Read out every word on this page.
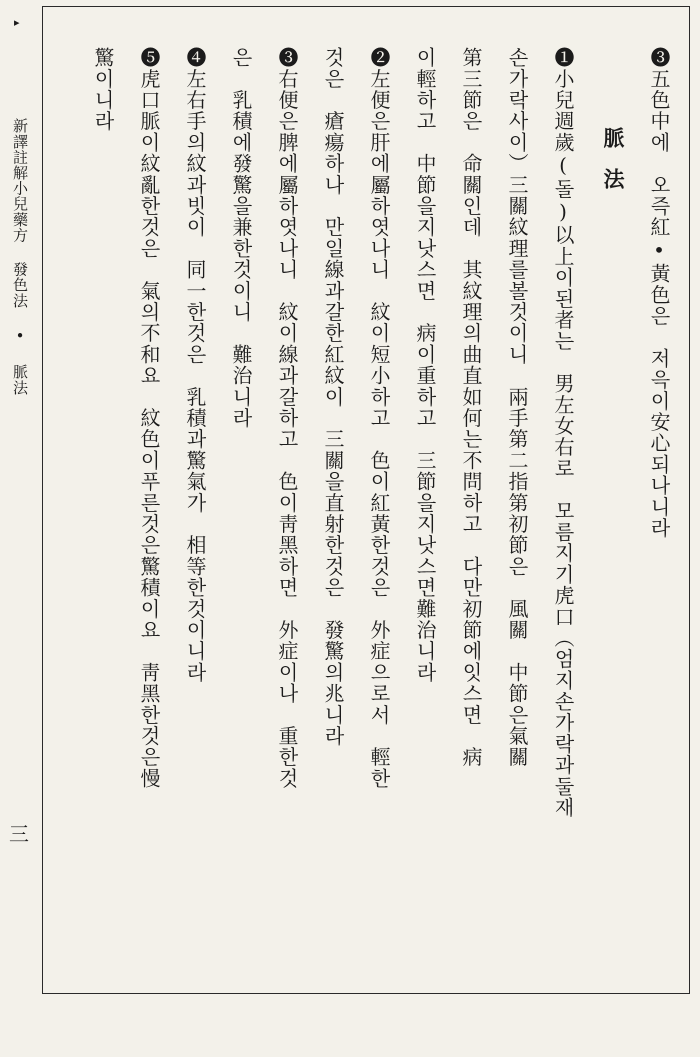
▸
新譯註解小兒藥方 發色法 • 脈法
三
❸五色中에　오즉紅•黃色은　저윽이安心되나니라
脈法
❶小兒週歲(돌)以上이된者는　男左女右로　모름지기虎口（엄지손가락과둘재
손가락사이）三關紋理를볼것이니　兩手第二指第初節은　風關　中節은氣關
第三節은　命關인데　其紋理의曲直如何는不問하고　다만初節에잇스면　病
이輕하고　中節을지낫스면　病이重하고　三節을지낫스면難治니라
❷左便은肝에屬하엿나니　紋이短小하고　色이紅黃한것은　外症으로서　輕한
것은　瘡瘍하나　만일線과갈한紅紋이　三關을直射한것은　發驚의兆니라
❸右便은脾에屬하엿나니　紋이線과갈하고　色이靑黑하면　外症이나　重한것
은　乳積에發驚을兼한것이니　難治니라
❹左右手의紋과빗이　同一한것은　乳積과驚氣가　相等한것이니라
❺虎口脈이紋亂한것은　氣의不和요　紋色이푸른것은驚積이요　靑黑한것은慢
驚이니라
